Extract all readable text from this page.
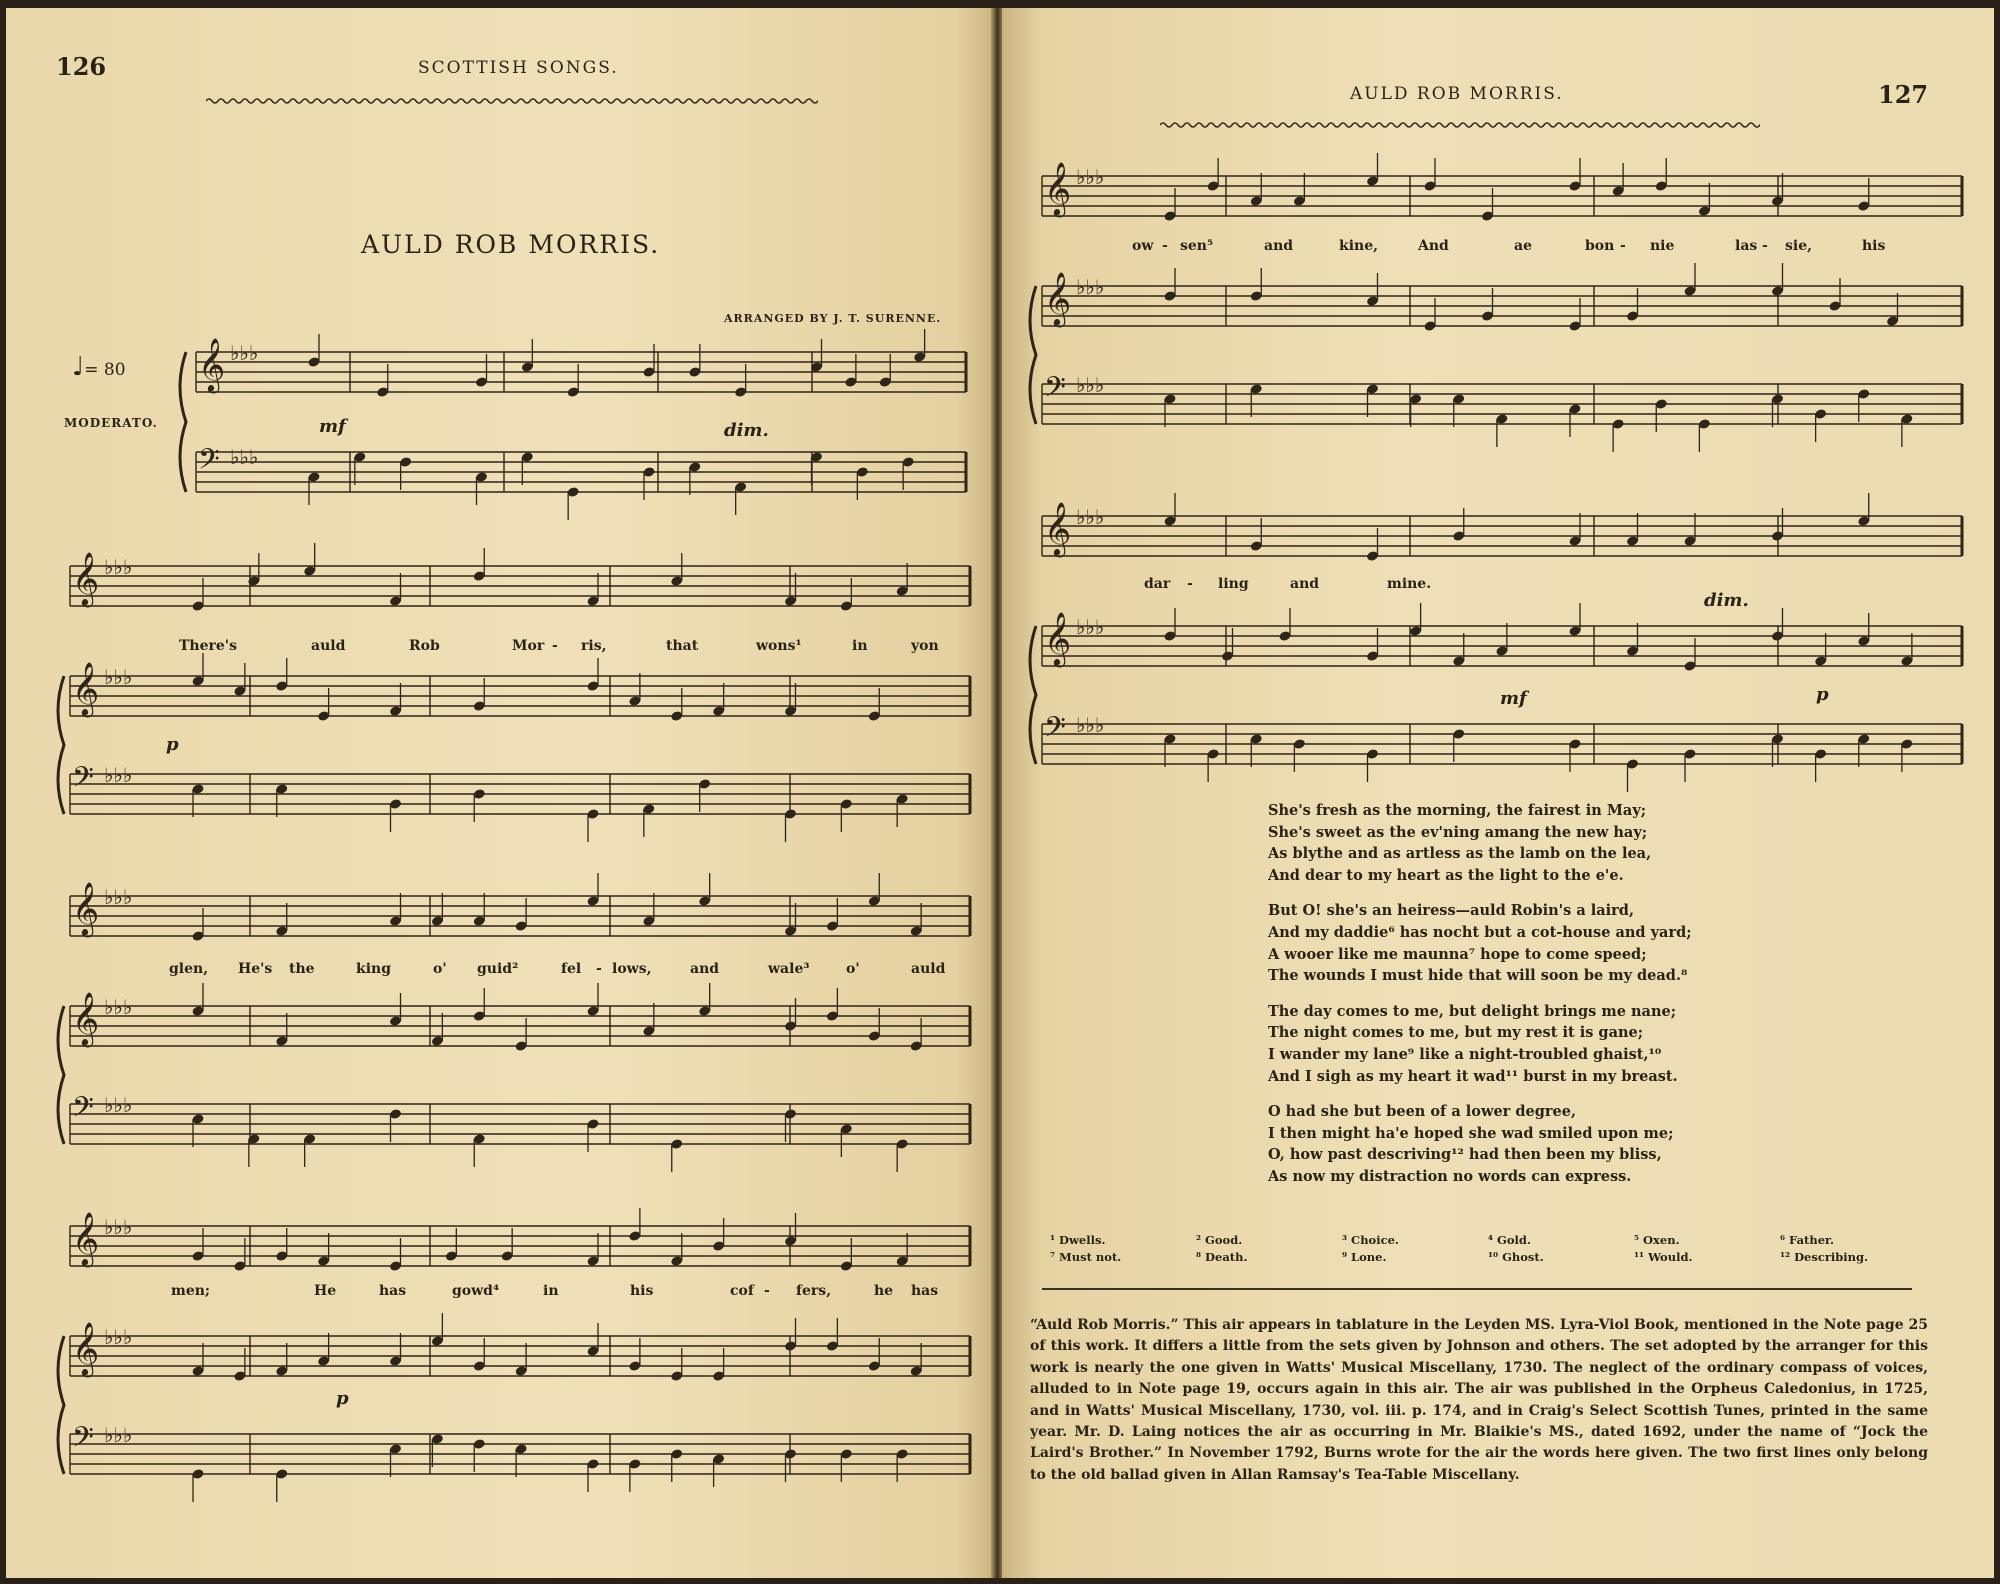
126	SCOTTISH SONGS.
AULD ROB MORRIS.
ARRANGED BY J. T. SURENNE.
♩= 80
MODERATO.
𝄞 ♭♭♭
𝄢 ♭♭♭
mf	dim.
𝄞 ♭♭♭
𝄞 ♭♭♭
𝄢 ♭♭♭
There's	auld	Rob	Mor - ris,	that	wons¹	in	yon
p
𝄞 ♭♭♭
𝄞 ♭♭♭
𝄢 ♭♭♭
glen, He's the	king	o' guid²	fel - lows,	and	wale³	o'	auld
𝄞 ♭♭♭
𝄞 ♭♭♭
𝄢 ♭♭♭
men;	He	has	gowd⁴	in	his	cof - fers,	he has
p
AULD ROB MORRIS.	127
𝄞 ♭♭♭
𝄞 ♭♭♭
𝄢 ♭♭♭
ow - sen⁵	and	kine,	And	ae	bon - nie	las - sie,	his
𝄞 ♭♭♭
𝄞 ♭♭♭
𝄢 ♭♭♭
dar - ling	and	mine.
dim.
mf	p
She's fresh as the morning, the fairest in May;
She's sweet as the ev'ning amang the new hay;
As blythe and as artless as the lamb on the lea,
And dear to my heart as the light to the e'e.
But O! she's an heiress—auld Robin's a laird,
And my daddie⁶ has nocht but a cot-house and yard;
A wooer like me maunna⁷ hope to come speed;
The wounds I must hide that will soon be my dead.⁸
The day comes to me, but delight brings me nane;
The night comes to me, but my rest it is gane;
I wander my lane⁹ like a night-troubled ghaist,¹⁰
And I sigh as my heart it wad¹¹ burst in my breast.
O had she but been of a lower degree,
I then might ha'e hoped she wad smiled upon me;
O, how past descriving¹² had then been my bliss,
As now my distraction no words can express.
¹ Dwells.	² Good.	³ Choice.	⁴ Gold.	⁵ Oxen.	⁶ Father.
⁷ Must not.	⁸ Death.	⁹ Lone.	¹⁰ Ghost.	¹¹ Would.	¹² Describing.
“Auld Rob Morris.” This air appears in tablature in the Leyden MS. Lyra-Viol Book, mentioned in the Note page 25 of this work. It differs a little from the sets given by Johnson and others. The set adopted by the arranger for this work is nearly the one given in Watts' Musical Miscellany, 1730. The neglect of the ordinary compass of voices, alluded to in Note page 19, occurs again in this air. The air was published in the Orpheus Caledonius, in 1725, and in Watts' Musical Miscellany, 1730, vol. iii. p. 174, and in Craig's Select Scottish Tunes, printed in the same year. Mr. D. Laing notices the air as occurring in Mr. Blaikie's MS., dated 1692, under the name of “Jock the Laird's Brother.” In November 1792, Burns wrote for the air the words here given. The two first lines only belong to the old ballad given in Allan Ramsay's Tea-Table Miscellany.
